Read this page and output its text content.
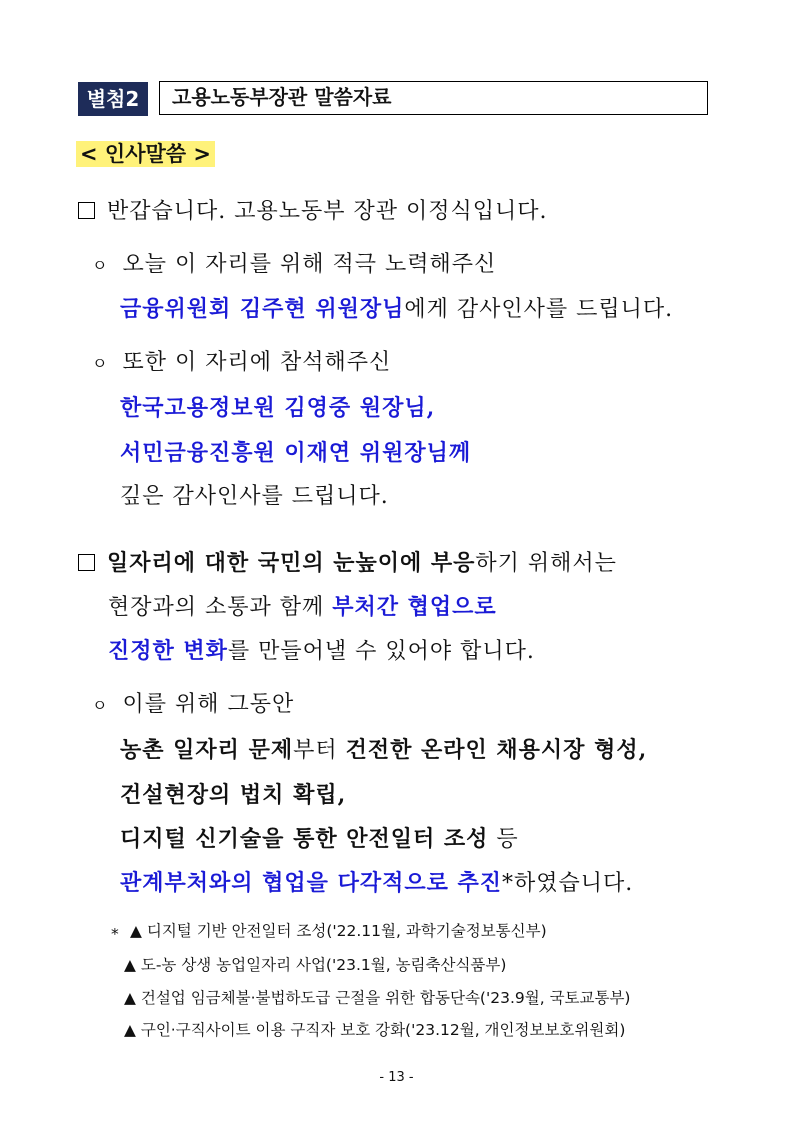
별첨2	고용노동부장관 말씀자료
< 인사말씀 >
반갑습니다. 고용노동부 장관 이정식입니다.
ㅇ 오늘 이 자리를 위해 적극 노력해주신
금융위원회 김주현 위원장님에게 감사인사를 드립니다.
ㅇ 또한 이 자리에 참석해주신
한국고용정보원 김영중 원장님,
서민금융진흥원 이재연 위원장님께
깊은 감사인사를 드립니다.
일자리에 대한 국민의 눈높이에 부응하기 위해서는
현장과의 소통과 함께 부처간 협업으로
진정한 변화를 만들어낼 수 있어야 합니다.
ㅇ 이를 위해 그동안
농촌 일자리 문제부터 건전한 온라인 채용시장 형성,
건설현장의 법치 확립,
디지털 신기술을 통한 안전일터 조성 등
관계부처와의 협업을 다각적으로 추진*하였습니다.
* ▲ 디지털 기반 안전일터 조성('22.11월, 과학기술정보통신부)
▲ 도-농 상생 농업일자리 사업('23.1월, 농림축산식품부)
▲ 건설업 임금체불·불법하도급 근절을 위한 합동단속('23.9월, 국토교통부)
▲ 구인·구직사이트 이용 구직자 보호 강화('23.12월, 개인정보보호위원회)
- 13 -
